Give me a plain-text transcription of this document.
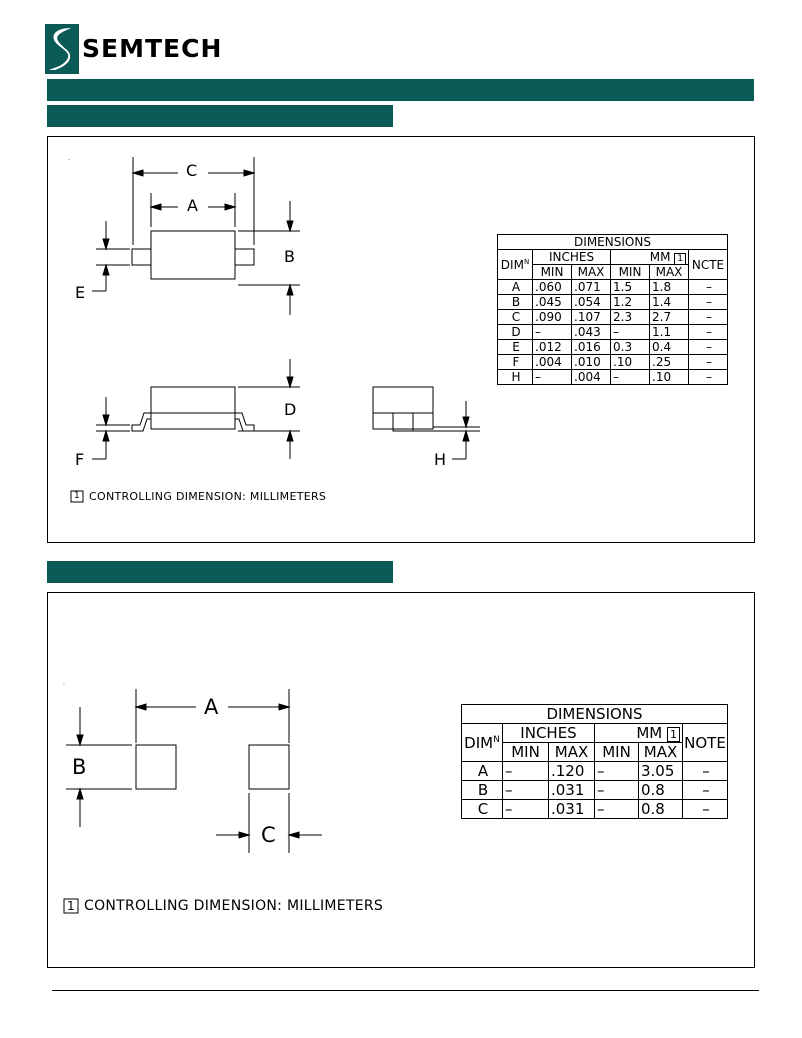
SEMTECH
C
A
B
E
D
F	H
1 CONTROLLING DIMENSION: MILLIMETERS
DIMENSIONS					
$DIM^N$	INCHES		MM 1		NCTE
	MIN	MAX	MIN	MAX	
A	.060	.071	1.5	1.8	–
B	.045	.054	1.2	1.4	–
C	.090	.107	2.3	2.7	–
D	–	.043	–	1.1	–
E	.012	.016	0.3	0.4	–
F	.004	.010	.10	.25	–
H	–	.004	–	.10	–
.
A
B
C
1 CONTROLLING DIMENSION: MILLIMETERS
DIMENSIONS					
$DIM^N$	INCHES		MM 1		NOTE
	MIN	MAX	MIN	MAX	
A	–	.120	–	3.05	–
B	–	.031	–	0.8	–
C	–	.031	–	0.8	–
.
